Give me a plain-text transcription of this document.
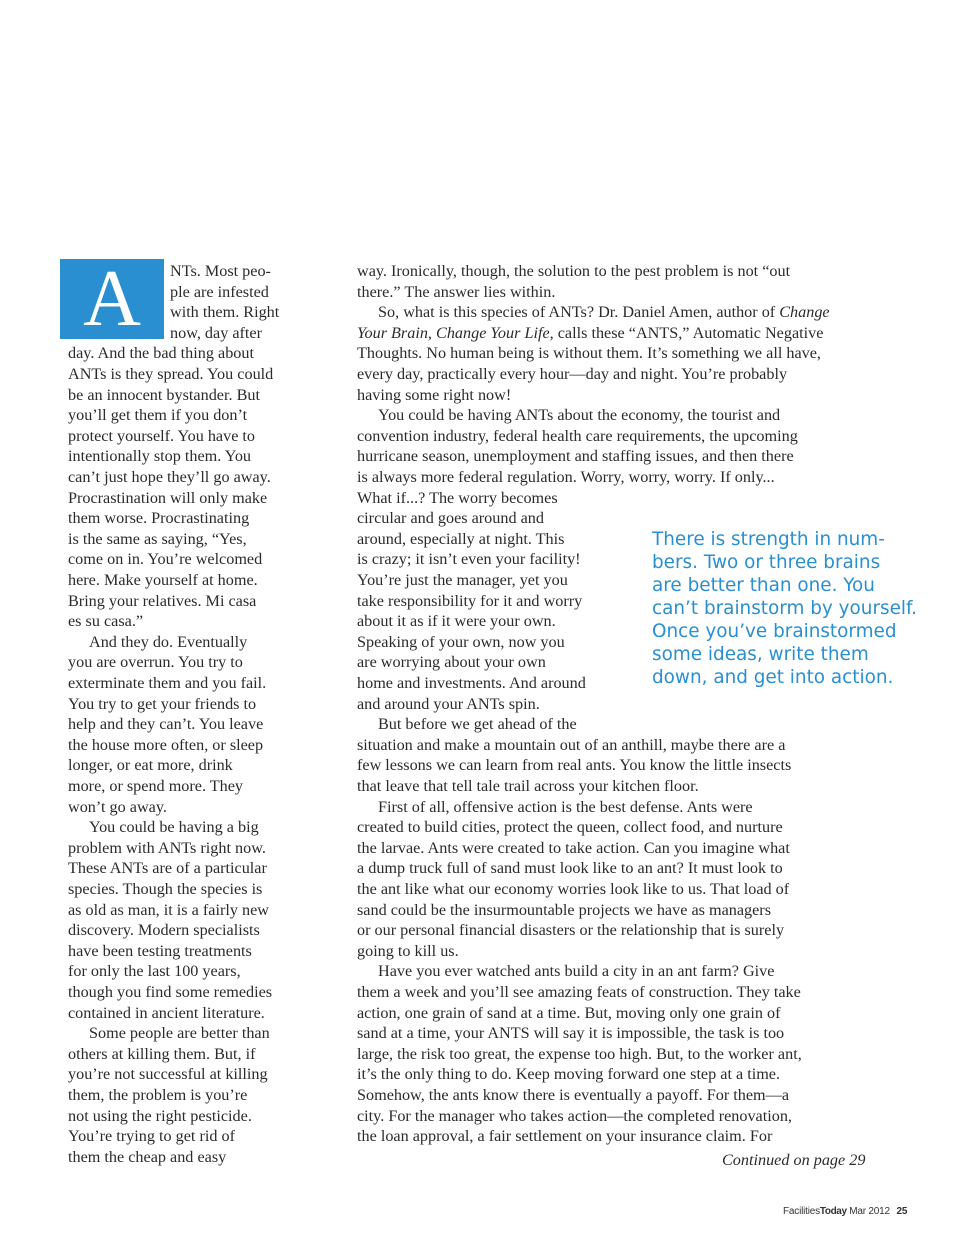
A	NTs. Most peo-
ple are infested
with them. Right
now, day after
day. And the bad thing about
ANTs is they spread. You could
be an innocent bystander. But
you’ll get them if you don’t
protect yourself. You have to
intentionally stop them. You
can’t just hope they’ll go away.
Procrastination will only make
them worse. Procrastinating
is the same as saying, “Yes,
come on in. You’re welcomed
here. Make yourself at home.
Bring your relatives. Mi casa
es su casa.”
And they do. Eventually
you are overrun. You try to
exterminate them and you fail.
You try to get your friends to
help and they can’t. You leave
the house more often, or sleep
longer, or eat more, drink
more, or spend more. They
won’t go away.
You could be having a big
problem with ANTs right now.
These ANTs are of a particular
species. Though the species is
as old as man, it is a fairly new
discovery. Modern specialists
have been testing treatments
for only the last 100 years,
though you find some remedies
contained in ancient literature.
Some people are better than
others at killing them. But, if
you’re not successful at killing
them, the problem is you’re
not using the right pesticide.
You’re trying to get rid of
them the cheap and easy
way. Ironically, though, the solution to the pest problem is not “out
there.” The answer lies within.
So, what is this species of ANTs? Dr. Daniel Amen, author of Change
Your Brain, Change Your Life, calls these “ANTS,” Automatic Negative
Thoughts. No human being is without them. It’s something we all have,
every day, practically every hour—day and night. You’re probably
having some right now!
You could be having ANTs about the economy, the tourist and
convention industry, federal health care requirements, the upcoming
hurricane season, unemployment and staffing issues, and then there
is always more federal regulation. Worry, worry, worry. If only...
What if...? The worry becomes
circular and goes around and
around, especially at night. This
is crazy; it isn’t even your facility!
You’re just the manager, yet you
take responsibility for it and worry
about it as if it were your own.
Speaking of your own, now you
are worrying about your own
home and investments. And around
and around your ANTs spin.
But before we get ahead of the
situation and make a mountain out of an anthill, maybe there are a
few lessons we can learn from real ants. You know the little insects
that leave that tell tale trail across your kitchen floor.
First of all, offensive action is the best defense. Ants were
created to build cities, protect the queen, collect food, and nurture
the larvae. Ants were created to take action. Can you imagine what
a dump truck full of sand must look like to an ant? It must look to
the ant like what our economy worries look like to us. That load of
sand could be the insurmountable projects we have as managers
or our personal financial disasters or the relationship that is surely
going to kill us.
Have you ever watched ants build a city in an ant farm? Give
them a week and you’ll see amazing feats of construction. They take
action, one grain of sand at a time. But, moving only one grain of
sand at a time, your ANTS will say it is impossible, the task is too
large, the risk too great, the expense too high. But, to the worker ant,
it’s the only thing to do. Keep moving forward one step at a time.
Somehow, the ants know there is eventually a payoff. For them—a
city. For the manager who takes action—the completed renovation,
the loan approval, a fair settlement on your insurance claim. For
There is strength in num-
bers. Two or three brains
are better than one. You
can’t brainstorm by yourself.
Once you’ve brainstormed
some ideas, write them
down, and get into action.
Continued on page 29
FacilitiesToday Mar 2012 25
